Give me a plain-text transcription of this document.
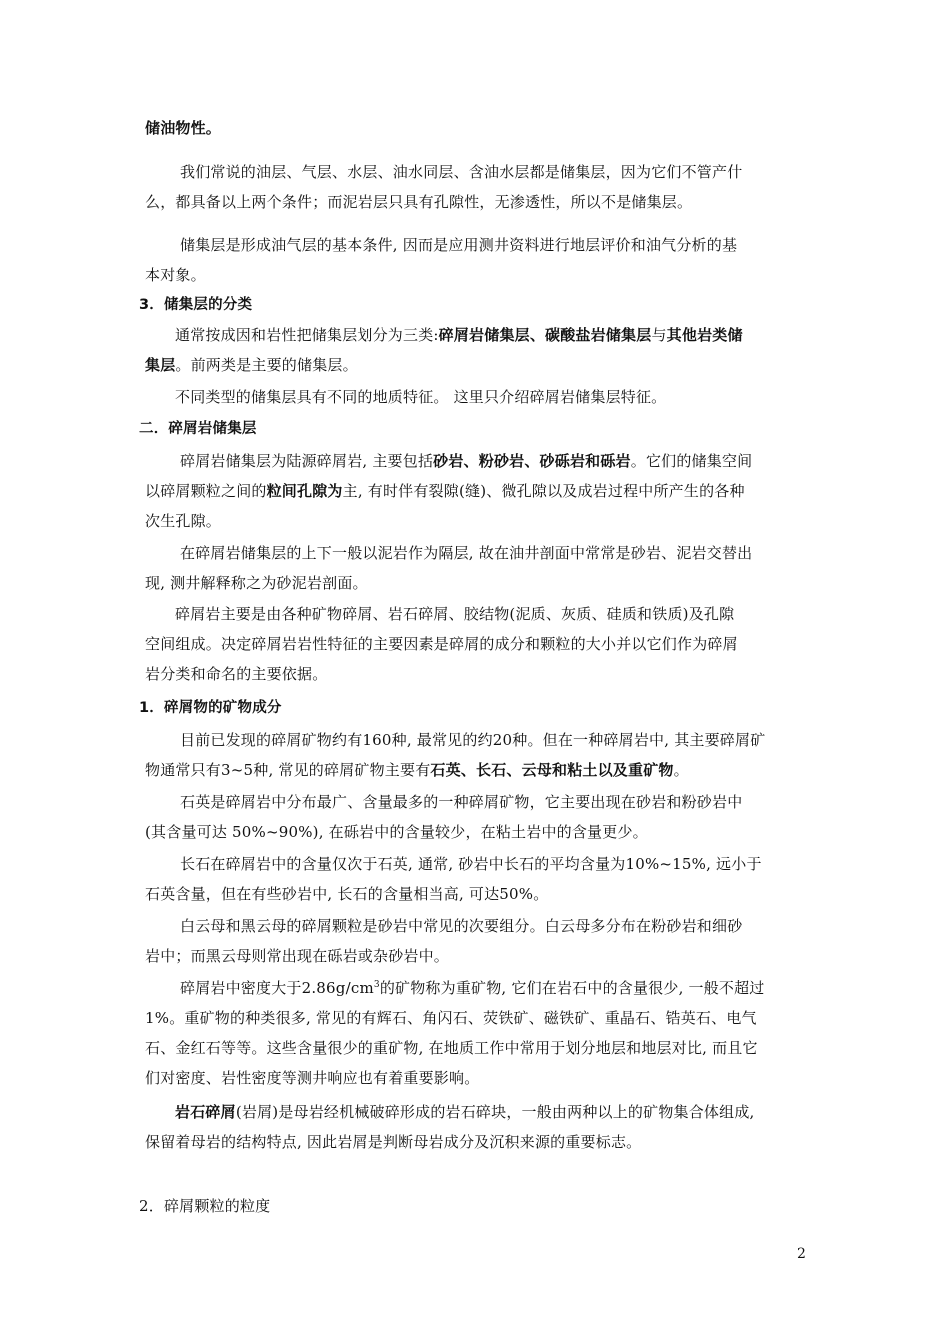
储油物性。
我们常说的油层、气层、水层、油水同层、含油水层都是储集层，因为它们不管产什
么，都具备以上两个条件；而泥岩层只具有孔隙性，无渗透性，所以不是储集层。
储集层是形成油气层的基本条件, 因而是应用测井资料进行地层评价和油气分析的基
本对象。
3．储集层的分类
通常按成因和岩性把储集层划分为三类:碎屑岩储集层、碳酸盐岩储集层与其他岩类储
集层。前两类是主要的储集层。
不同类型的储集层具有不同的地质特征。 这里只介绍碎屑岩储集层特征。
二．碎屑岩储集层
碎屑岩储集层为陆源碎屑岩, 主要包括砂岩、粉砂岩、砂砾岩和砾岩。它们的储集空间
以碎屑颗粒之间的粒间孔隙为主, 有时伴有裂隙(缝)、微孔隙以及成岩过程中所产生的各种
次生孔隙。
在碎屑岩储集层的上下一般以泥岩作为隔层, 故在油井剖面中常常是砂岩、泥岩交替出
现, 测井解释称之为砂泥岩剖面。
碎屑岩主要是由各种矿物碎屑、岩石碎屑、胶结物(泥质、灰质、硅质和铁质)及孔隙
空间组成。决定碎屑岩岩性特征的主要因素是碎屑的成分和颗粒的大小并以它们作为碎屑
岩分类和命名的主要依据。
1．碎屑物的矿物成分
目前已发现的碎屑矿物约有160种, 最常见的约20种。但在一种碎屑岩中, 其主要碎屑矿
物通常只有3~5种, 常见的碎屑矿物主要有石英、长石、云母和粘土以及重矿物。
石英是碎屑岩中分布最广、含量最多的一种碎屑矿物，它主要出现在砂岩和粉砂岩中
(其含量可达 50%~90%), 在砾岩中的含量较少，在粘土岩中的含量更少。
长石在碎屑岩中的含量仅次于石英, 通常, 砂岩中长石的平均含量为10%~15%, 远小于
石英含量，但在有些砂岩中, 长石的含量相当高, 可达50%。
白云母和黑云母的碎屑颗粒是砂岩中常见的次要组分。白云母多分布在粉砂岩和细砂
岩中；而黑云母则常出现在砾岩或杂砂岩中。
碎屑岩中密度大于$2.86g/cm^3$的矿物称为重矿物, 它们在岩石中的含量很少, 一般不超过
1%。重矿物的种类很多, 常见的有辉石、角闪石、荧铁矿、磁铁矿、重晶石、锆英石、电气
石、金红石等等。这些含量很少的重矿物, 在地质工作中常用于划分地层和地层对比, 而且它
们对密度、岩性密度等测井响应也有着重要影响。
岩石碎屑(岩屑)是母岩经机械破碎形成的岩石碎块，一般由两种以上的矿物集合体组成,
保留着母岩的结构特点, 因此岩屑是判断母岩成分及沉积来源的重要标志。
2．碎屑颗粒的粒度
2
